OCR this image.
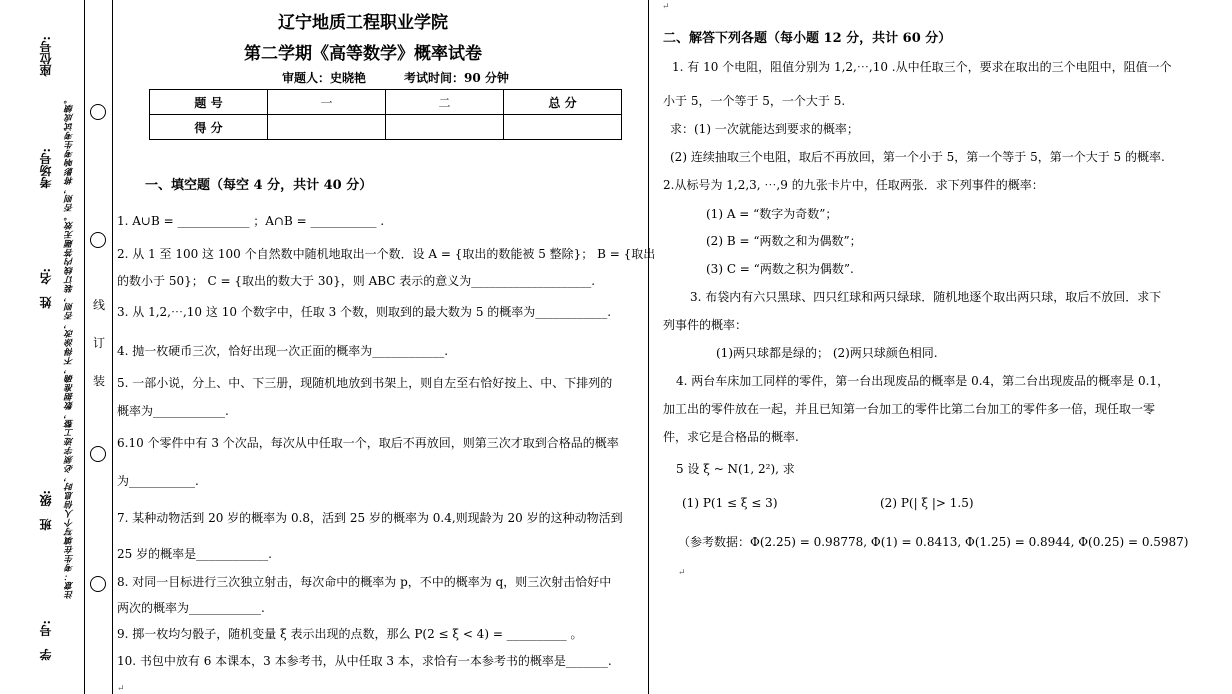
座位号:
考场号:
姓　名:
班　级:
学　号:
注意：考生在填写个人信息时，必须字迹工整，数据准确，不得涂改，否则，装订线内答题无效。否则，将影响考生考试成绩。 线
订
装
辽宁地质工程职业学院
第二学期《高等数学》概率试卷
审题人：史晓艳	考试时间：90 分钟
题 号	一	二	总 分
得 分			
一、填空题（每空 4 分，共计 40 分）
1. A∪B = ____________ ；A∩B = ___________ .
2. 从 1 至 100 这 100 个自然数中随机地取出一个数．设 A = {取出的数能被 5 整除}； B = {取出
的数小于 50}； C = {取出的数大于 30}，则 ABC 表示的意义为____________________.
3. 从 1,2,⋯,10 这 10 个数字中，任取 3 个数，则取到的最大数为 5 的概率为____________.
4. 抛一枚硬币三次，恰好出现一次正面的概率为____________.
5. 一部小说，分上、中、下三册，现随机地放到书架上，则自左至右恰好按上、中、下排列的
概率为____________.
6.10 个零件中有 3 个次品，每次从中任取一个，取后不再放回，则第三次才取到合格品的概率
为___________.
7. 某种动物活到 20 岁的概率为 0.8，活到 25 岁的概率为 0.4,则现龄为 20 岁的这种动物活到
25 岁的概率是____________.
8. 对同一目标进行三次独立射击，每次命中的概率为 p，不中的概率为 q，则三次射击恰好中
两次的概率为____________.
9. 掷一枚均匀骰子，随机变量 ξ 表示出现的点数，那么 P(2 ≤ ξ < 4) = __________ 。
10. 书包中放有 6 本课本，3 本参考书，从中任取 3 本，求恰有一本参考书的概率是_______.
↵
↵
二、解答下列各题（每小题 12 分，共计 60 分）
1. 有 10 个电阻，阻值分别为 1,2,⋯,10 .从中任取三个，要求在取出的三个电阻中，阻值一个
小于 5，一个等于 5，一个大于 5.
求：(1) 一次就能达到要求的概率；
(2) 连续抽取三个电阻，取后不再放回，第一个小于 5，第一个等于 5，第一个大于 5 的概率.
2.从标号为 1,2,3, ⋯,9 的九张卡片中，任取两张．求下列事件的概率：
(1) A = “数字为奇数”；
(2) B = “两数之和为偶数”；
(3) C = “两数之积为偶数”.
3. 布袋内有六只黑球、四只红球和两只绿球．随机地逐个取出两只球，取后不放回．求下
列事件的概率：
(1)两只球都是绿的； (2)两只球颜色相同.
4. 两台车床加工同样的零件，第一台出现废品的概率是 0.4，第二台出现废品的概率是 0.1，
加工出的零件放在一起，并且已知第一台加工的零件比第二台加工的零件多一倍，现任取一零
件，求它是合格品的概率.
5 设 ξ ~ N(1, 2²), 求
(1) P(1 ≤ ξ ≤ 3)	(2) P(| ξ |> 1.5)
（参考数据：Φ(2.25) = 0.98778, Φ(1) = 0.8413, Φ(1.25) = 0.8944, Φ(0.25) = 0.5987)
↵
